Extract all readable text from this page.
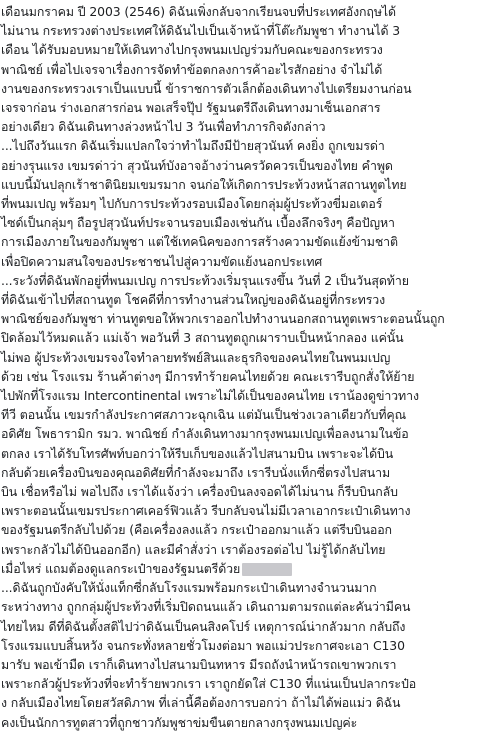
เดือนมกราคม ปี 2003 (2546) ดิฉันเพิ่งกลับจากเรียนจบที่ประเทศอังกฤษได้
ไม่นาน กระทรวงต่างประเทศให้ดิฉันไปเป็นเจ้าหน้าที่โต๊ะกัมพูชา ทำงานได้ 3
เดือน ได้รับมอบหมายให้เดินทางไปกรุงพนมเปญร่วมกับคณะของกระทรวง
พาณิชย์ เพื่อไปเจรจาเรื่องการจัดทำข้อตกลงการค้าอะไรสักอย่าง จำไม่ได้
งานของกระทรวงเราเป็นแบบนี้ ข้าราชการตัวเล็กต้องเดินทางไปเตรียมงานก่อน
เจรจาก่อน ร่างเอกสารก่อน พอเสร็จปุ๊ป รัฐมนตรีถึงเดินทางมาเซ็นเอกสาร
อย่างเดียว ดิฉันเดินทางล่วงหน้าไป 3 วันเพื่อทำภารกิจดังกล่าว
...ไปถึงวันแรก ดิฉันเริ่มแปลกใจว่าทำไมถึงมีป้ายสุวนันท์ คงยิ่ง ถูกเขมรด่า
อย่างรุนแรง เขมรด่าว่า สุวนันท์บังอาจอ้างว่านครวัดควรเป็นของไทย คำพูด
แบบนี้มันปลุกเร้าชาตินิยมเขมรมาก จนก่อให้เกิดการประท้วงหน้าสถานทูตไทย
ที่พนมเปญ พร้อมๆ ไปกับการประท้วงรอบเมืองโดยกลุ่มผู้ประท้วงขี่มอเตอร์
ไซด์เป็นกลุ่มๆ ถือรูปสุวนันท์ประจานรอบเมืองเช่นกัน เบื้องลึกจริงๆ คือปัญหา
การเมืองภายในของกัมพูชา แต่ใช้เทคนิคของการสร้างความขัดแย้งข้ามชาติ
เพื่อปิดความสนใจของประชาชนไปสู่ความขัดแย้งนอกประเทศ
...ระวังที่ดิฉันพักอยู่ที่พนมเปญ การประท้วงเริ่มรุนแรงขึ้น วันที่ 2 เป็นวันสุดท้าย
ที่ดิฉันเข้าไปที่สถานทูต โชคดีที่การทำงานส่วนใหญ่ของดิฉันอยู่ที่กระทรวง
พาณิชย์ของกัมพูชา ท่านทูตขอให้พวกเราออกไปทำงานนอกสถานทูตเพราะตอนนั้นถูก
ปิดล้อมไว้หมดแล้ว แม่เจ้า พอวันที่ 3 สถานทูตถูกเผาราบเป็นหน้ากลอง แค่นั้น
ไม่พอ ผู้ประท้วงเขมรจงใจทำลายทรัพย์สินและธุรกิจของคนไทยในพนมเปญ
ด้วย เช่น โรงแรม ร้านค้าต่างๆ มีการทำร้ายคนไทยด้วย คณะเรารีบถูกสั่งให้ย้าย
ไปพักที่โรงแรม Intercontinental เพราะไม่ได้เป็นของคนไทย เราน้องดูข่าวทาง
ทีวี ตอนนั้น เขมรกำลังประกาศสภาวะฉุกเฉิน แต่มันเป็นช่วงเวลาเดียวกับที่คุณ
อดิศัย โพธารามิก รมว. พาณิชย์ กำลังเดินทางมากรุงพนมเปญเพื่อลงนามในข้อ
ตกลง เราได้รับโทรศัพท์บอกว่าให้รีบเก็บของแล้วไปสนามบิน เพราะจะได้บิน
กลับด้วยเครื่องบินของคุณอดิศัยที่กำลังจะมาถึง เรารีบนั่งแท็กซี่ตรงไปสนาม
บิน เชื่อหรือไม่ พอไปถึง เราได้แจ้งว่า เครื่องบินลงจอดได้ไม่นาน ก็รีบบินกลับ
เพราะตอนนั้นเขมรประกาศเคอร์ฟิวแล้ว รีบกลับจนไม่มีเวลาเอากระเป๋าเดินทาง
ของรัฐมนตรีกลับไปด้วย (คือเครื่องลงแล้ว กระเป๋าออกมาแล้ว แต่รีบบินออก
เพราะกลัวไม่ได้บินออกอีก) และมีคำสั่งว่า เราต้องรอต่อไป ไม่รู้ได้กลับไทย
เมื่อไหร่ แถมต้องดูแลกระเป๋าของรัฐมนตรีด้วย
...ดิฉันถูกบังคับให้นั่งแท็กซี่กลับโรงแรมพร้อมกระเป๋าเดินทางจำนวนมาก
ระหว่างทาง ถูกกลุ่มผู้ประท้วงที่เริ่มปิดถนนแล้ว เดินถามตามรถแต่ละคันว่ามีคน
ไทยไหม ดีที่ดิฉันตั้งสติไปว่าดิฉันเป็นคนสิงคโปร์ เหตุการณ์น่ากลัวมาก กลับถึง
โรงแรมแบบสิ้นหวัง จนกระทั่งหลายชั่วโมงต่อมา พอแม่วประกาศจะเอา C130
มารับ พอเข้ามืด เราก็เดินทางไปสนามบินทหาร มีรถถังนำหน้ารถเขาพวกเรา
เพราะกลัวผู้ประท้วงที่จะทำร้ายพวกเรา เราถูกยัดใส่ C130 ที่แน่นเป็นปลากระป๋อ
ง กลับเมืองไทยโดยสวัสดิภาพ ที่เล่านี้คือต้องการบอกว่า ถ้าไม่ได้พ่อแม่ว ดิฉัน
คงเป็นนักการทูตสาวที่ถูกชาวกัมพูชาข่มขืนตายกลางกรุงพนมเปญค่ะ
